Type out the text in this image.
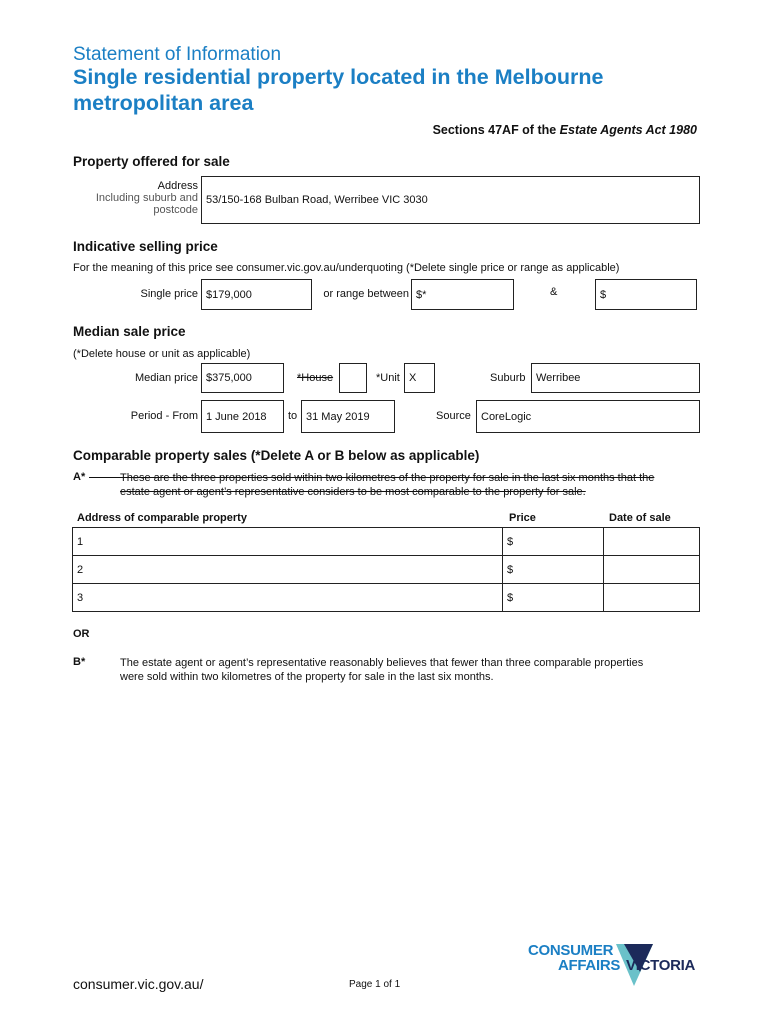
Statement of Information
Single residential property located in the Melbourne metropolitan area
Sections 47AF of the Estate Agents Act 1980
Property offered for sale
Address
Including suburb and
postcode
53/150-168 Bulban Road, Werribee VIC 3030
Indicative selling price
For the meaning of this price see consumer.vic.gov.au/underquoting (*Delete single price or range as applicable)
Single price $179,000	or range between $*	&	$
Median sale price
(*Delete house or unit as applicable)
Median price $375,000	*House	*Unit X	Suburb Werribee
Period - From 1 June 2018 to 31 May 2019	Source CoreLogic
Comparable property sales (*Delete A or B below as applicable)
A*	These are the three properties sold within two kilometres of the property for sale in the last six months that the
estate agent or agent’s representative considers to be most comparable to the property for sale.
Address of comparable property	Price	Date of sale
1	$	
2	$	
3	$	
OR
B*	The estate agent or agent’s representative reasonably believes that fewer than three comparable properties
were sold within two kilometres of the property for sale in the last six months.
consumer.vic.gov.au/	Page 1 of 1
CONSUMER
AFFAIRS VICTORIA
